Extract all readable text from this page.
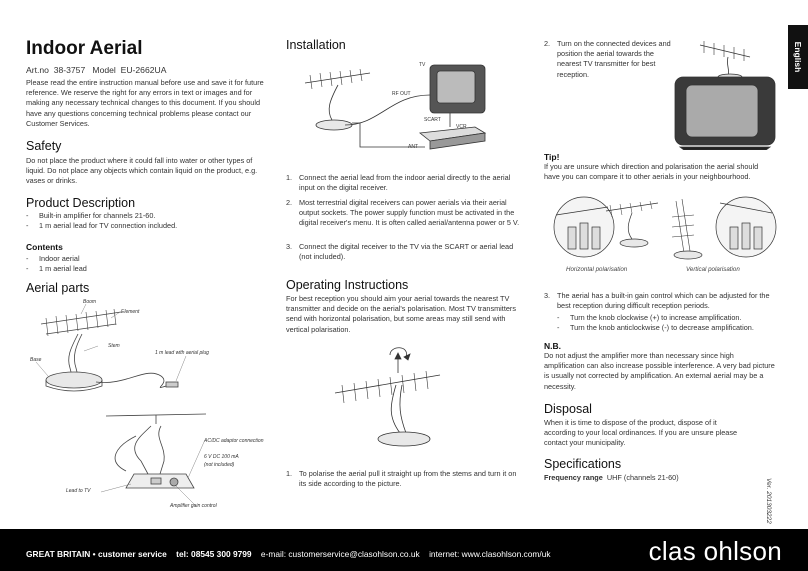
Indoor Aerial
Art.no  38-3757   Model  EU-2662UA

Please read the entire instruction manual before use and save it for future reference. We reserve the right for any errors in text or images and for making any necessary technical changes to this document. If you should have any questions concerning technical problems please contact our Customer Services.

Safety

Do not place the product where it could fall into water or other types of liquid. Do not place any objects which contain liquid on the product, e.g. vases or drinks.

Product Description
-	Built-in amplifier for channels 21-60.
-	1 m aerial lead for TV connection included.
Contents
-	Indoor aerial
-	1 m aerial lead
Aerial parts
Boom
Element
Stem
Base
1 m lead with aerial plug
AC/DC adaptor connection
6 V DC 100 mA
(not included)
Lead to TV
Amplifier gain control
Installation
TV
RF OUT
SCART
VCR
ANT
1. Connect the aerial lead from the indoor aerial directly to the aerial input on the digital receiver.
2. Most terrestrial digital receivers can power aerials via their aerial output sockets. The power supply function must be activated in the digital receiver's menu. It is often called aerial/antenna power or 5 V.
3. Connect the digital receiver to the TV via the SCART or aerial lead (not included).
Operating Instructions

For best reception you should aim your aerial towards the nearest TV transmitter and decide on the aerial's polarisation. Most TV transmitters send with horizontal polarisation, but some areas may still send with vertical polarisation.

1. To polarise the aerial pull it straight up from the stems and turn it on its side according to the picture.
2. Turn on the connected devices and position the aerial towards the nearest TV transmitter for best reception.
Tip!

If you are unsure which direction and polarisation the aerial should have you can compare it to other aerials in your neighbourhood.

Horizontal polarisation	Vertical polarisation
3. The aerial has a built-in gain control which can be adjusted for the best reception during difficult reception periods.
-	Turn the knob clockwise (+) to increase amplification.
-	Turn the knob anticlockwise (-) to decrease amplification.
N.B.

Do not adjust the amplifier more than necessary since high amplification can also increase possible interference. A very bad picture is usually not corrected by amplification. An external aerial may be a necessity.

Disposal

When it is time to dispose of the product, dispose of it according to your local ordinances. If you are unsure please contact your municipality.

Specifications
Frequency range UHF (channels 21-60)
English
Ver. 201303222
GREAT BRITAIN • customer service tel: 08545 300 9799 e-mail: customerservice@clasohlson.co.uk internet: www.clasohlson.com/uk	clas ohlson
